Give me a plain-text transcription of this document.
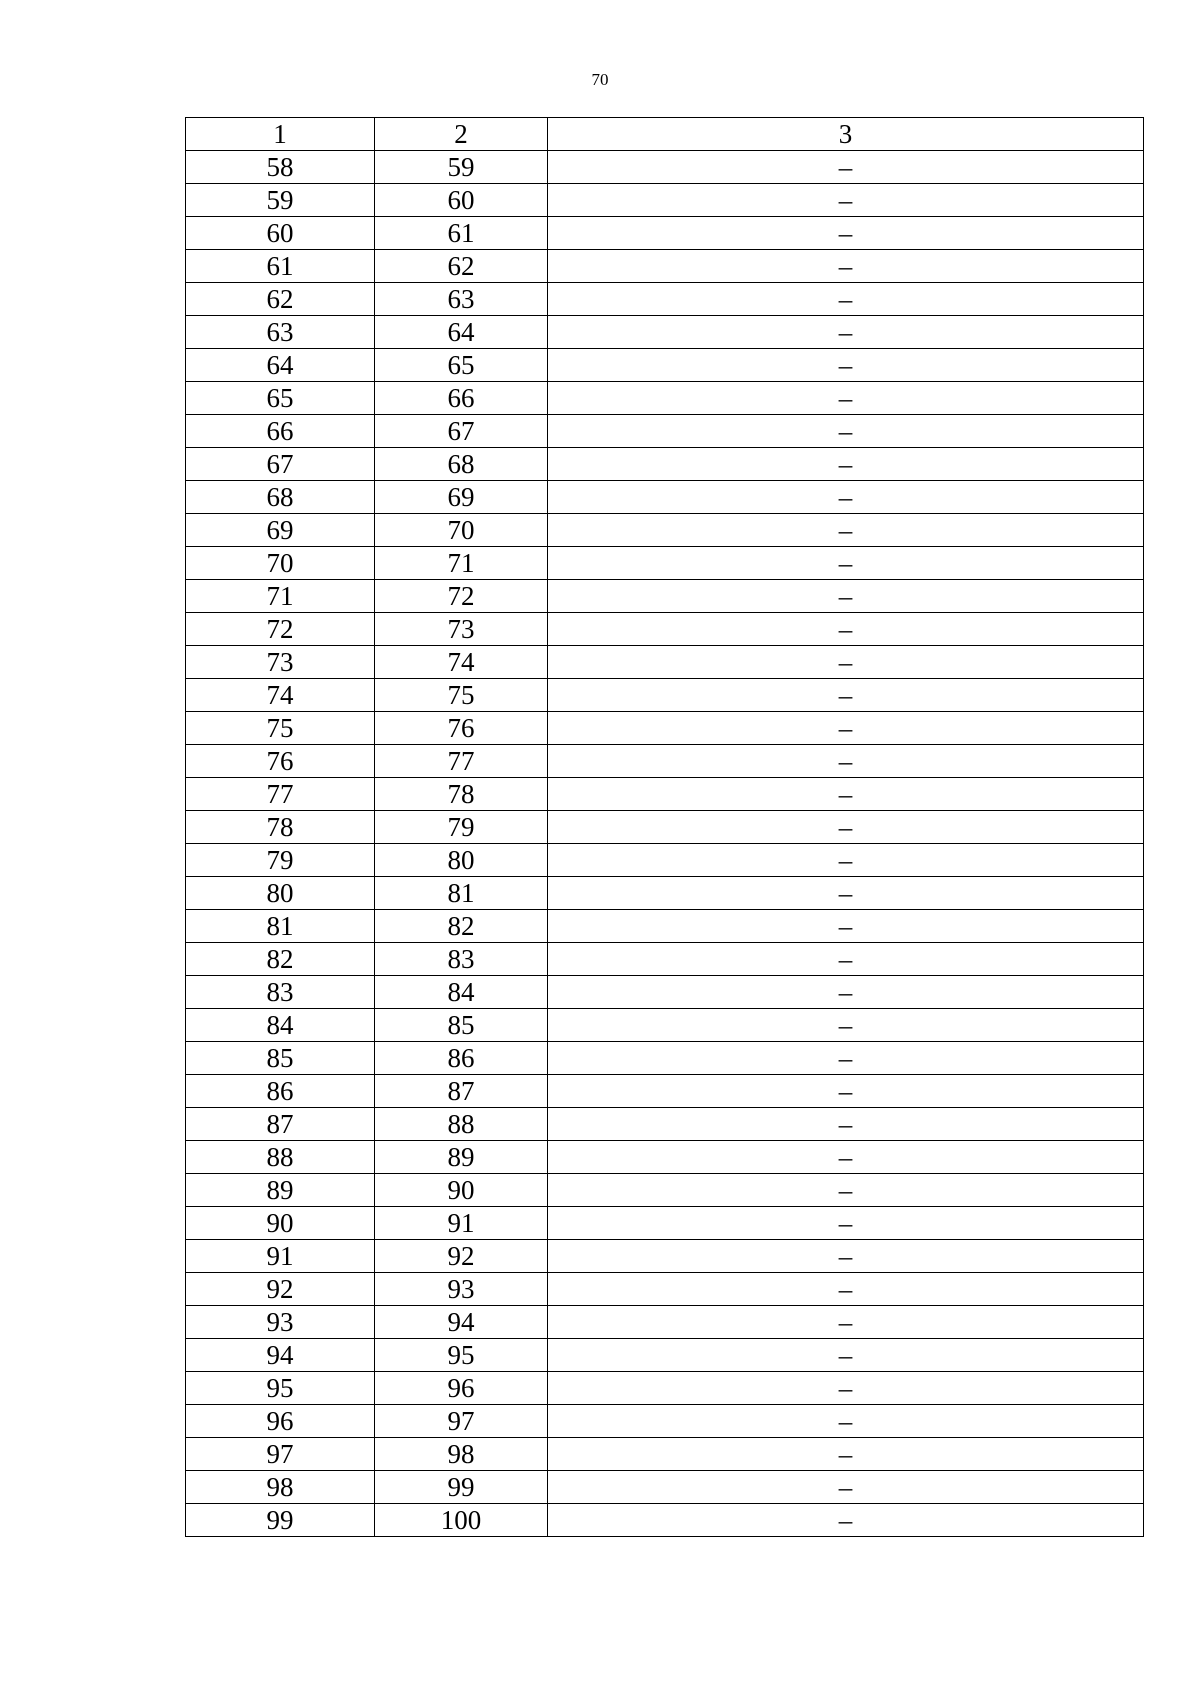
70
1	2	3
58	59	–
59	60	–
60	61	–
61	62	–
62	63	–
63	64	–
64	65	–
65	66	–
66	67	–
67	68	–
68	69	–
69	70	–
70	71	–
71	72	–
72	73	–
73	74	–
74	75	–
75	76	–
76	77	–
77	78	–
78	79	–
79	80	–
80	81	–
81	82	–
82	83	–
83	84	–
84	85	–
85	86	–
86	87	–
87	88	–
88	89	–
89	90	–
90	91	–
91	92	–
92	93	–
93	94	–
94	95	–
95	96	–
96	97	–
97	98	–
98	99	–
99	100	–
